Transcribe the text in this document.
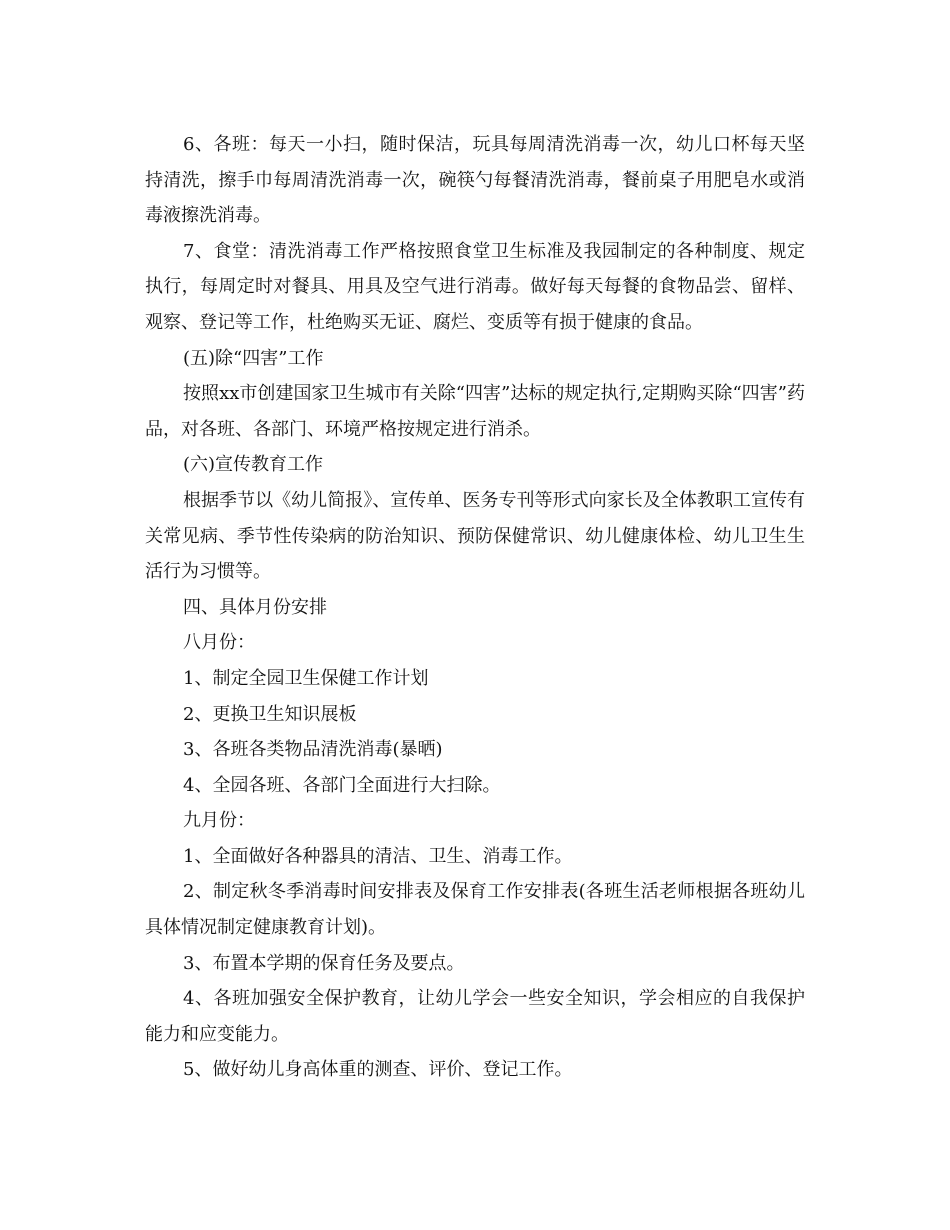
6、各班：每天一小扫，随时保洁，玩具每周清洗消毒一次，幼儿口杯每天坚持清洗，擦手巾每周清洗消毒一次，碗筷勺每餐清洗消毒，餐前桌子用肥皂水或消毒液擦洗消毒。

7、食堂：清洗消毒工作严格按照食堂卫生标准及我园制定的各种制度、规定执行，每周定时对餐具、用具及空气进行消毒。做好每天每餐的食物品尝、留样、观察、登记等工作，杜绝购买无证、腐烂、变质等有损于健康的食品。

(五)除“四害”工作

按照xx市创建国家卫生城市有关除“四害”达标的规定执行,定期购买除“四害”药品，对各班、各部门、环境严格按规定进行消杀。

(六)宣传教育工作

根据季节以《幼儿简报》、宣传单、医务专刊等形式向家长及全体教职工宣传有关常见病、季节性传染病的防治知识、预防保健常识、幼儿健康体检、幼儿卫生生活行为习惯等。

四、具体月份安排

八月份：

1、制定全园卫生保健工作计划

2、更换卫生知识展板

3、各班各类物品清洗消毒(暴晒)

4、全园各班、各部门全面进行大扫除。

九月份：

1、全面做好各种器具的清洁、卫生、消毒工作。

2、制定秋冬季消毒时间安排表及保育工作安排表(各班生活老师根据各班幼儿具体情况制定健康教育计划)。

3、布置本学期的保育任务及要点。

4、各班加强安全保护教育，让幼儿学会一些安全知识，学会相应的自我保护能力和应变能力。

5、做好幼儿身高体重的测查、评价、登记工作。
